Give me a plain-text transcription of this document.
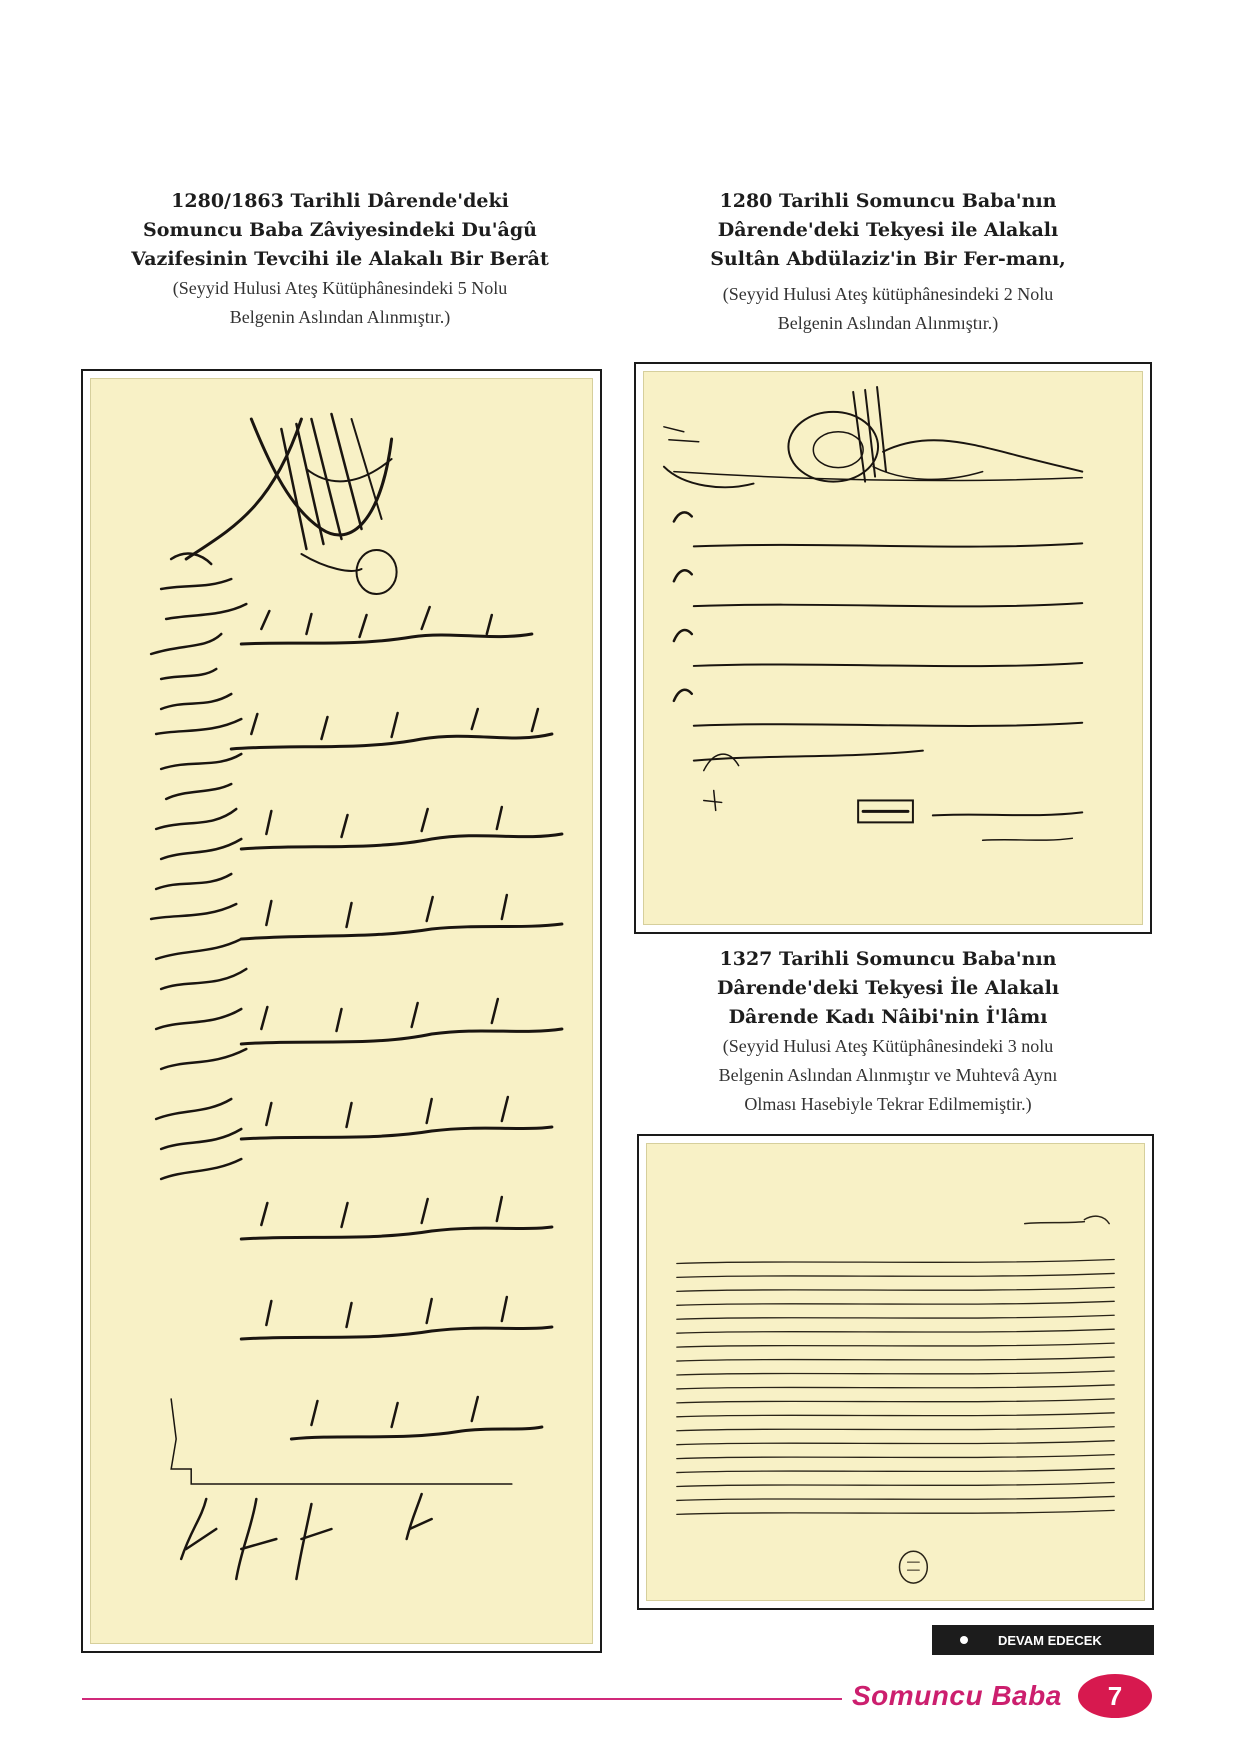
1280/1863 Tarihli Dârende'deki
Somuncu Baba Zâviyesindeki Du'âgû
Vazifesinin Tevcihi ile Alakalı Bir Berât
(Seyyid Hulusi Ateş Kütüphânesindeki 5 Nolu
Belgenin Aslından Alınmıştır.)
1280 Tarihli Somuncu Baba'nın
Dârende'deki Tekyesi ile Alakalı
Sultân Abdülaziz'in Bir Fer-manı,
(Seyyid Hulusi Ateş kütüphânesindeki 2 Nolu
Belgenin Aslından Alınmıştır.)
1327 Tarihli Somuncu Baba'nın
Dârende'deki Tekyesi İle Alakalı
Dârende Kadı Nâibi'nin İ'lâmı
(Seyyid Hulusi Ateş Kütüphânesindeki 3 nolu
Belgenin Aslından Alınmıştır ve Muhtevâ Aynı
Olması Hasebiyle Tekrar Edilmemiştir.)
DEVAM EDECEK
Somuncu Baba	7
